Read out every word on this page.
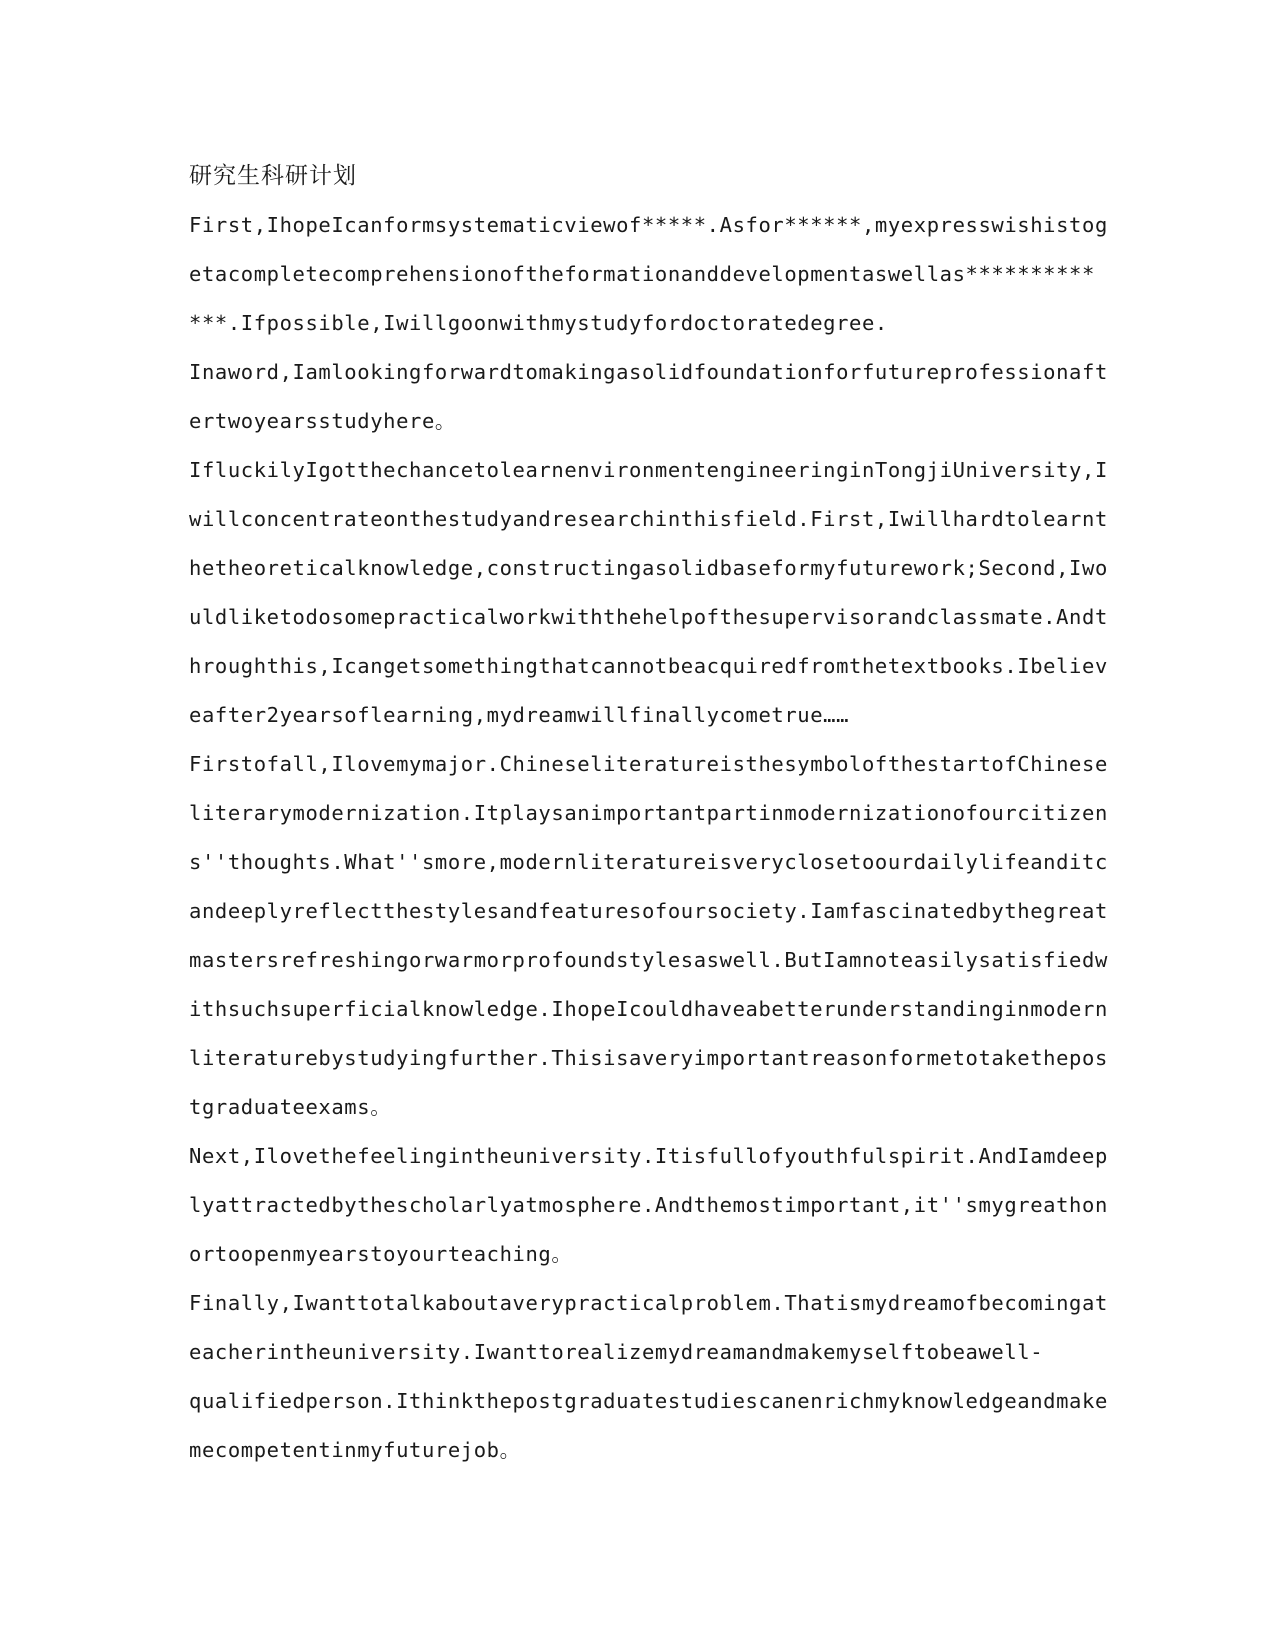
研究生科研计划
First,IhopeIcanformsystematicviewof*****.Asfor******,myexpresswishistog
etacompletecomprehensionoftheformationanddevelopmentaswellas**********
***.Ifpossible,Iwillgoonwithmystudyfordoctoratedegree.
Inaword,Iamlookingforwardtomakingasolidfoundationforfutureprofessionaft
ertwoyearsstudyhere。
IfluckilyIgotthechancetolearnenvironmentengineeringinTongjiUniversity,I
willconcentrateonthestudyandresearchinthisfield.First,Iwillhardtolearnt
hetheoreticalknowledge,constructingasolidbaseformyfuturework;Second,Iwo
uldliketodosomepracticalworkwiththehelpofthesupervisorandclassmate.Andt
hroughthis,Icangetsomethingthatcannotbeacquiredfromthetextbooks.Ibeliev
eafter2yearsoflearning,mydreamwillfinallycometrue……
Firstofall,Ilovemymajor.ChineseliteratureisthesymbolofthestartofChinese
literarymodernization.Itplaysanimportantpartinmodernizationofourcitizen
s''thoughts.What''smore,modernliteratureisveryclosetoourdailylifeanditc
andeeplyreflectthestylesandfeaturesofoursociety.Iamfascinatedbythegreat
mastersrefreshingorwarmorprofoundstylesaswell.ButIamnoteasilysatisfiedw
ithsuchsuperficialknowledge.IhopeIcouldhaveabetterunderstandinginmodern
literaturebystudyingfurther.Thisisaveryimportantreasonformetotakethepos
tgraduateexams。
Next,Ilovethefeelingintheuniversity.Itisfullofyouthfulspirit.AndIamdeep
lyattractedbythescholarlyatmosphere.Andthemostimportant,it''smygreathon
ortoopenmyearstoyourteaching。
Finally,Iwanttotalkaboutaverypracticalproblem.Thatismydreamofbecomingat
eacherintheuniversity.Iwanttorealizemydreamandmakemyselftobeawell-
qualifiedperson.Ithinkthepostgraduatestudiescanenrichmyknowledgeandmake
mecompetentinmyfuturejob。
